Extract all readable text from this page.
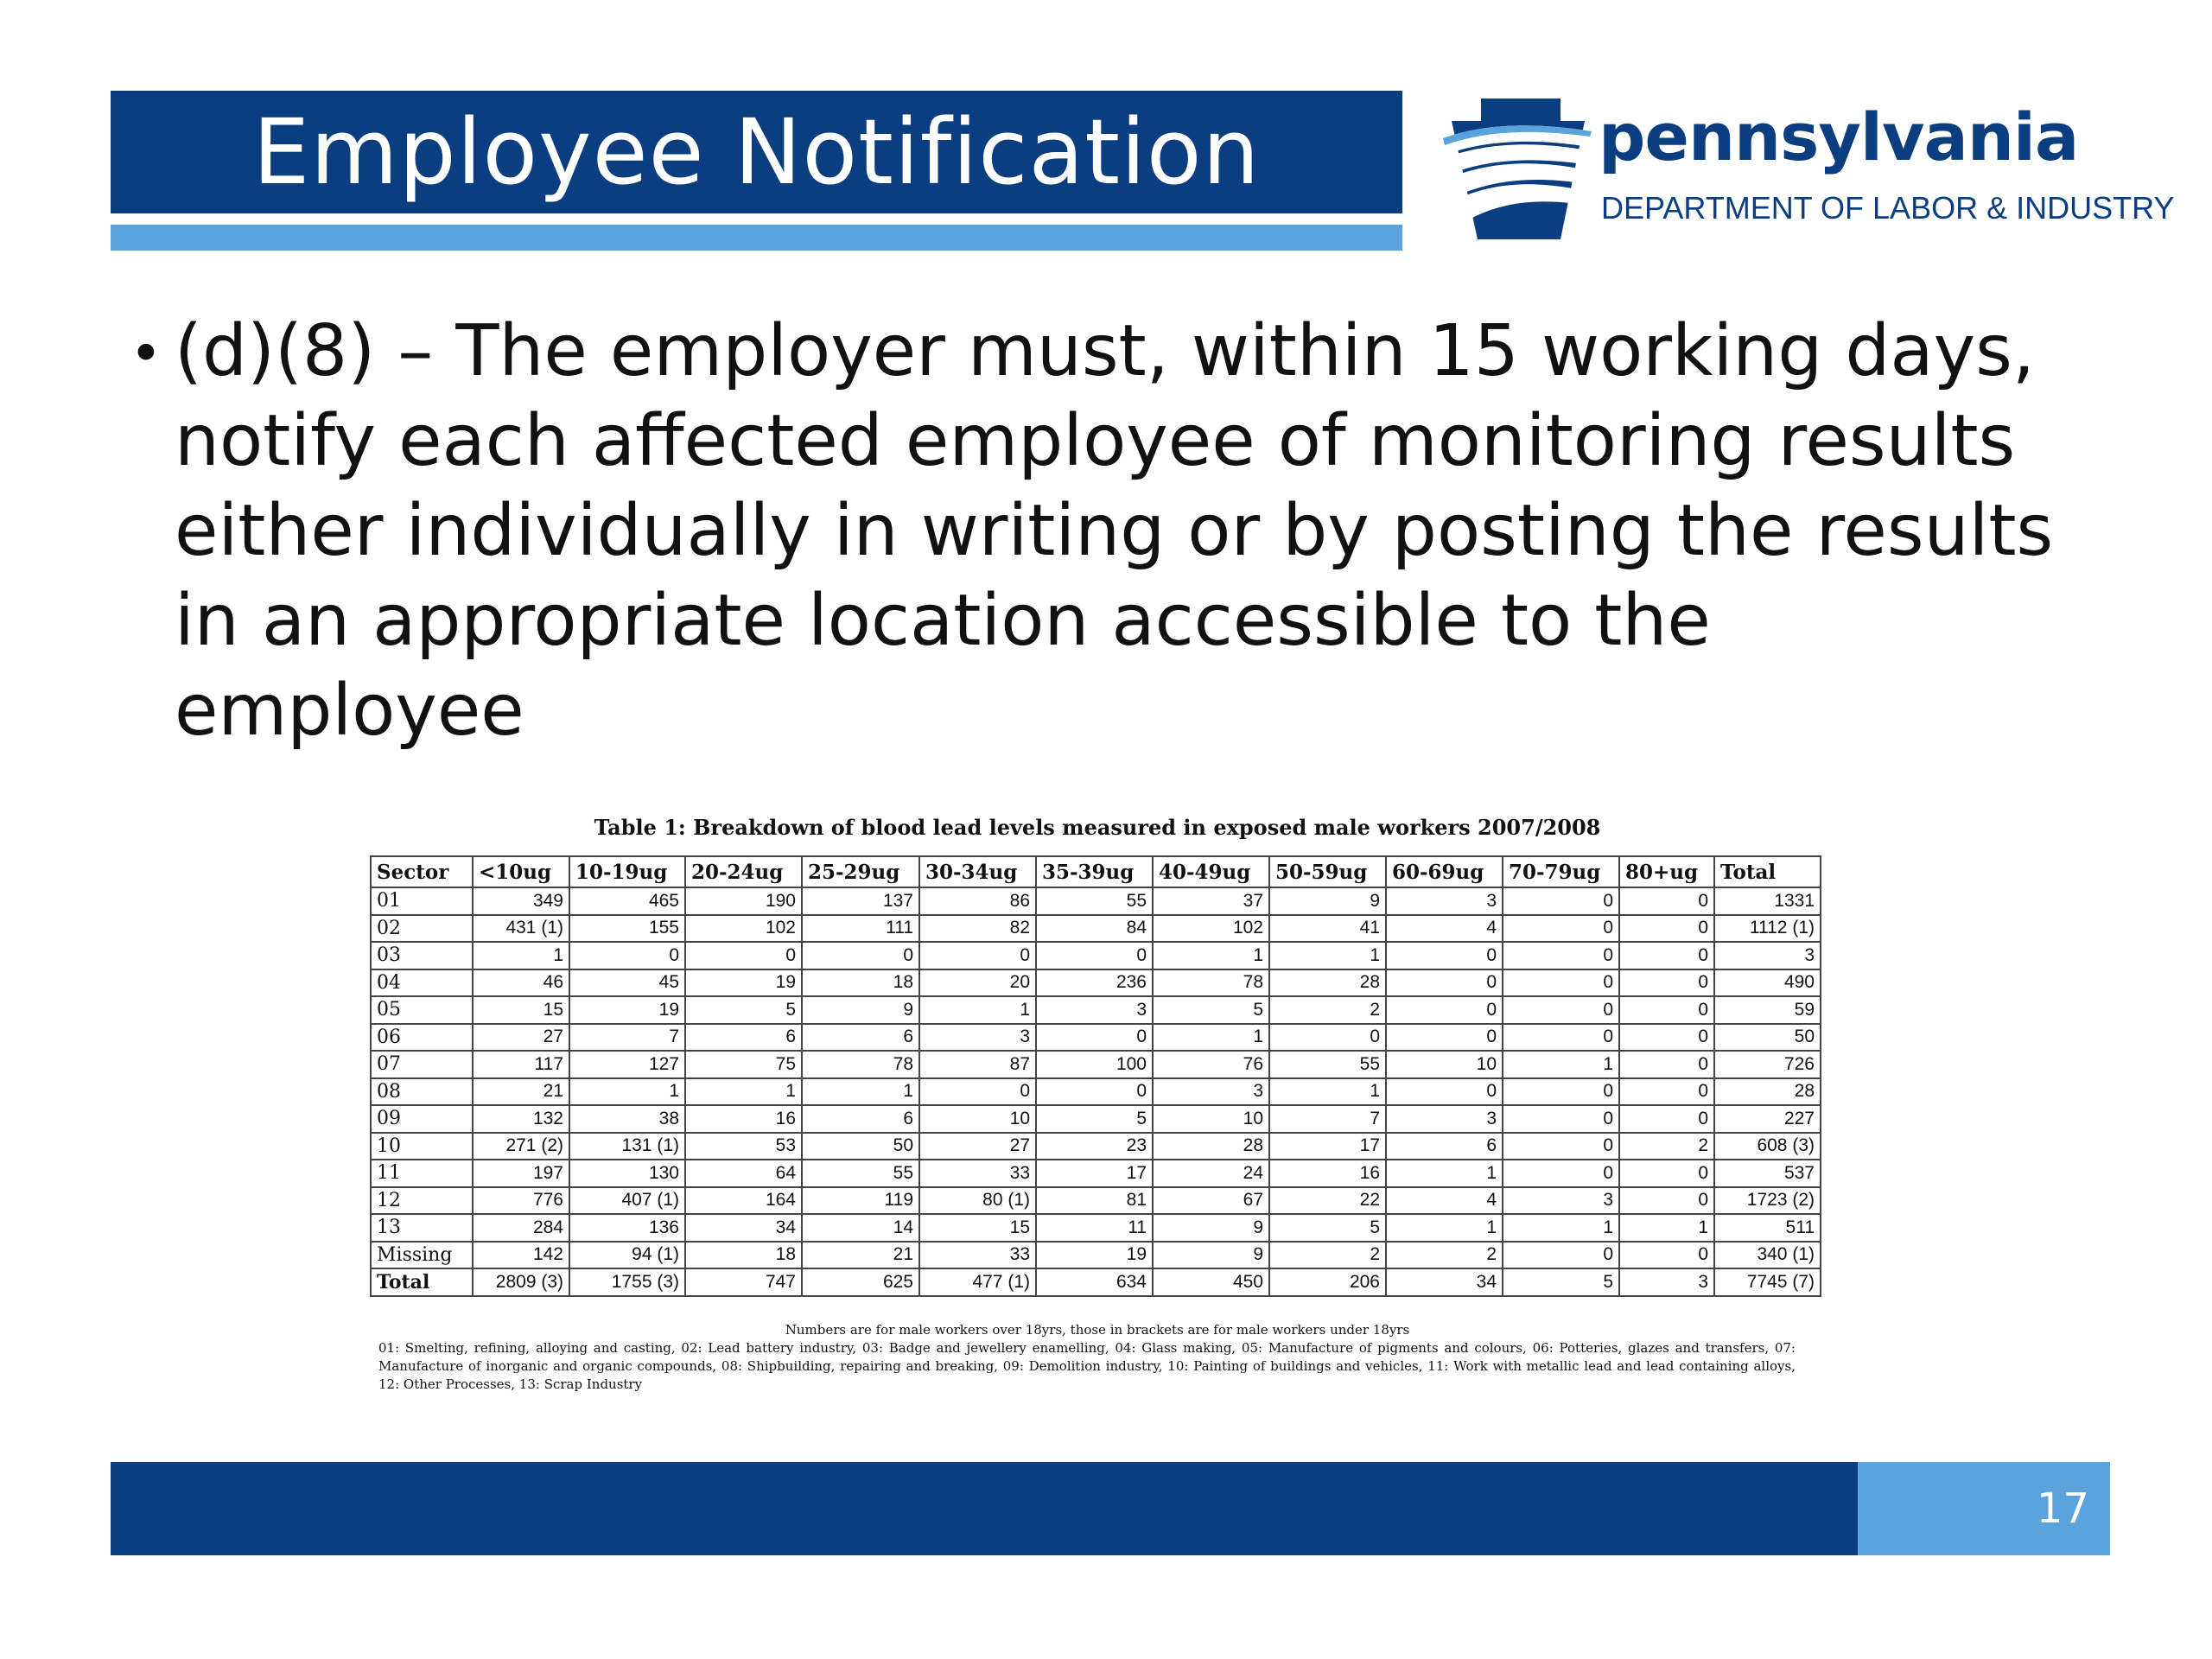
Employee Notification	pennsylvania
DEPARTMENT OF LABOR & INDUSTRY
• (d)(8) – The employer must, within 15 working days, notify each affected employee of monitoring results either individually in writing or by posting the results in an appropriate location accessible to the employee
Table 1: Breakdown of blood lead levels measured in exposed male workers 2007/2008
Sector	<10ug	10-19ug	20-24ug	25-29ug	30-34ug	35-39ug	40-49ug	50-59ug	60-69ug	70-79ug	80+ug	Total
01	349	465	190	137	86	55	37	9	3	0	0	1331
02	431 (1)	155	102	111	82	84	102	41	4	0	0	1112 (1)
03	1	0	0	0	0	0	1	1	0	0	0	3
04	46	45	19	18	20	236	78	28	0	0	0	490
05	15	19	5	9	1	3	5	2	0	0	0	59
06	27	7	6	6	3	0	1	0	0	0	0	50
07	117	127	75	78	87	100	76	55	10	1	0	726
08	21	1	1	1	0	0	3	1	0	0	0	28
09	132	38	16	6	10	5	10	7	3	0	0	227
10	271 (2)	131 (1)	53	50	27	23	28	17	6	0	2	608 (3)
11	197	130	64	55	33	17	24	16	1	0	0	537
12	776	407 (1)	164	119	80 (1)	81	67	22	4	3	0	1723 (2)
13	284	136	34	14	15	11	9	5	1	1	1	511
Missing	142	94 (1)	18	21	33	19	9	2	2	0	0	340 (1)
Total	2809 (3)	1755 (3)	747	625	477 (1)	634	450	206	34	5	3	7745 (7)
Numbers are for male workers over 18yrs, those in brackets are for male workers under 18yrs
01: Smelting, refining, alloying and casting, 02: Lead battery industry, 03: Badge and jewellery enamelling, 04: Glass making, 05: Manufacture of pigments and colours, 06: Potteries, glazes and transfers, 07: Manufacture of inorganic and organic compounds, 08: Shipbuilding, repairing and breaking, 09: Demolition industry, 10: Painting of buildings and vehicles, 11: Work with metallic lead and lead containing alloys, 12: Other Processes, 13: Scrap Industry
17
PPT-051-01
